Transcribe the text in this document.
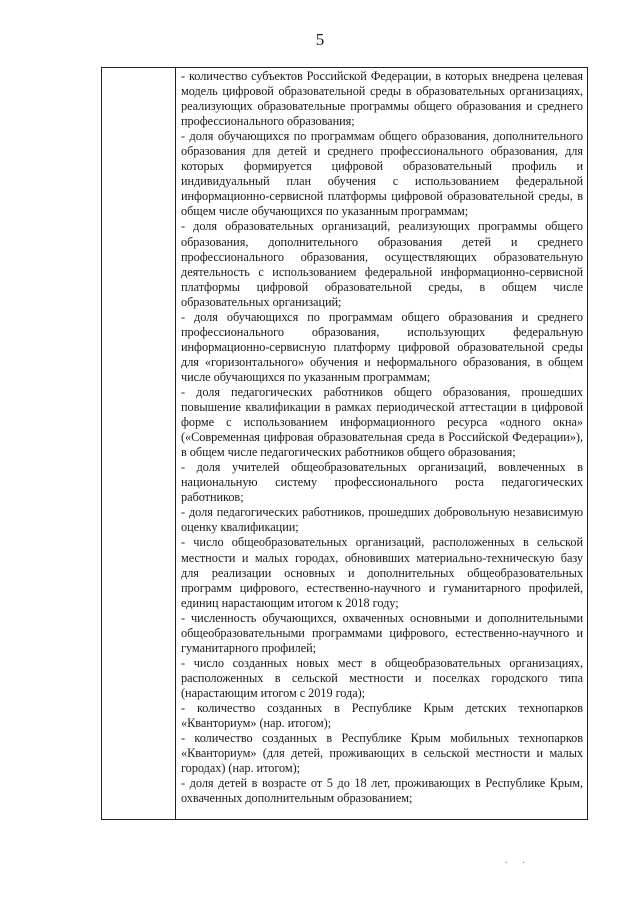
5

- количество субъектов Российской Федерации, в которых внедрена целевая модель цифровой образовательной среды в образовательных организациях, реализующих образовательные программы общего образования и среднего профессионального образования;

- доля обучающихся по программам общего образования, дополнительного образования для детей и среднего профессионального образования, для которых формируется цифровой образовательный профиль и индивидуальный план обучения с использованием федеральной информационно-сервисной платформы цифровой образовательной среды, в общем числе обучающихся по указанным программам;

- доля образовательных организаций, реализующих программы общего образования, дополнительного образования детей и среднего профессионального образования, осуществляющих образовательную деятельность с использованием федеральной информационно-сервисной платформы цифровой образовательной среды, в общем числе образовательных организаций;

- доля обучающихся по программам общего образования и среднего профессионального образования, использующих федеральную информационно-сервисную платформу цифровой образовательной среды для «горизонтального» обучения и неформального образования, в общем числе обучающихся по указанным программам;

- доля педагогических работников общего образования, прошедших повышение квалификации в рамках периодической аттестации в цифровой форме с использованием информационного ресурса «одного окна» («Современная цифровая образовательная среда в Российской Федерации»), в общем числе педагогических работников общего образования;

- доля учителей общеобразовательных организаций, вовлеченных в национальную систему профессионального роста педагогических работников;

- доля педагогических работников, прошедших добровольную независимую оценку квалификации;

- число общеобразовательных организаций, расположенных в сельской местности и малых городах, обновивших материально-техническую базу для реализации основных и дополнительных общеобразовательных программ цифрового, естественно-научного и гуманитарного профилей, единиц нарастающим итогом к 2018 году;

- численность обучающихся, охваченных основными и дополнительными общеобразовательными программами цифрового, естественно-научного и гуманитарного профилей;

- число созданных новых мест в общеобразовательных организациях, расположенных в сельской местности и поселках городского типа (нарастающим итогом с 2019 года);

- количество созданных в Республике Крым детских технопарков «Кванториум» (нар. итогом);

- количество созданных в Республике Крым мобильных технопарков «Кванториум» (для детей, проживающих в сельской местности и малых городах) (нар. итогом);

- доля детей в возрасте от 5 до 18 лет, проживающих в Республике Крым, охваченных дополнительным образованием;

. .
